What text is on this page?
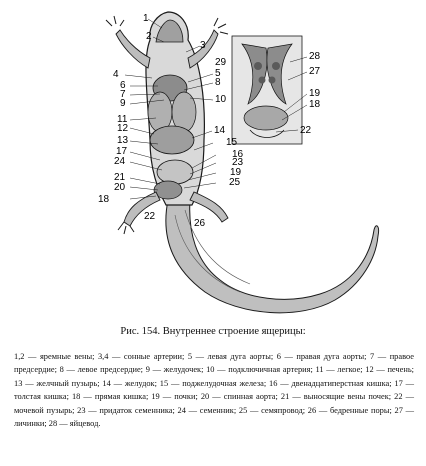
1
2
3
4	5
6
7
8
9	10
11
12
13
14
15
16
17
18
19
20
21
22
23
24
25
26
27
28
29
19
18
22
Рис. 154. Внутреннее строение ящерицы:
1,2 — яремные вены; 3,4 — сонные артерии; 5 — левая дуга аорты; 6 — правая дуга аорты; 7 — правое предсердие; 8 — левое предсердие; 9 — желудочек; 10 — подключичная артерия; 11 — легкое; 12 — печень; 13 — желчный пузырь; 14 — желудок; 15 — поджелудочная железа; 16 — двенадцатиперстная кишка; 17 — толстая кишка; 18 — прямая кишка; 19 — почки; 20 — спинная аорта; 21 — выносящие вены почек; 22 — мочевой пузырь; 23 — придаток семенника; 24 — семенник; 25 — семяпровод; 26 — бедренные поры; 27 — личинки; 28 — яйцевод.
